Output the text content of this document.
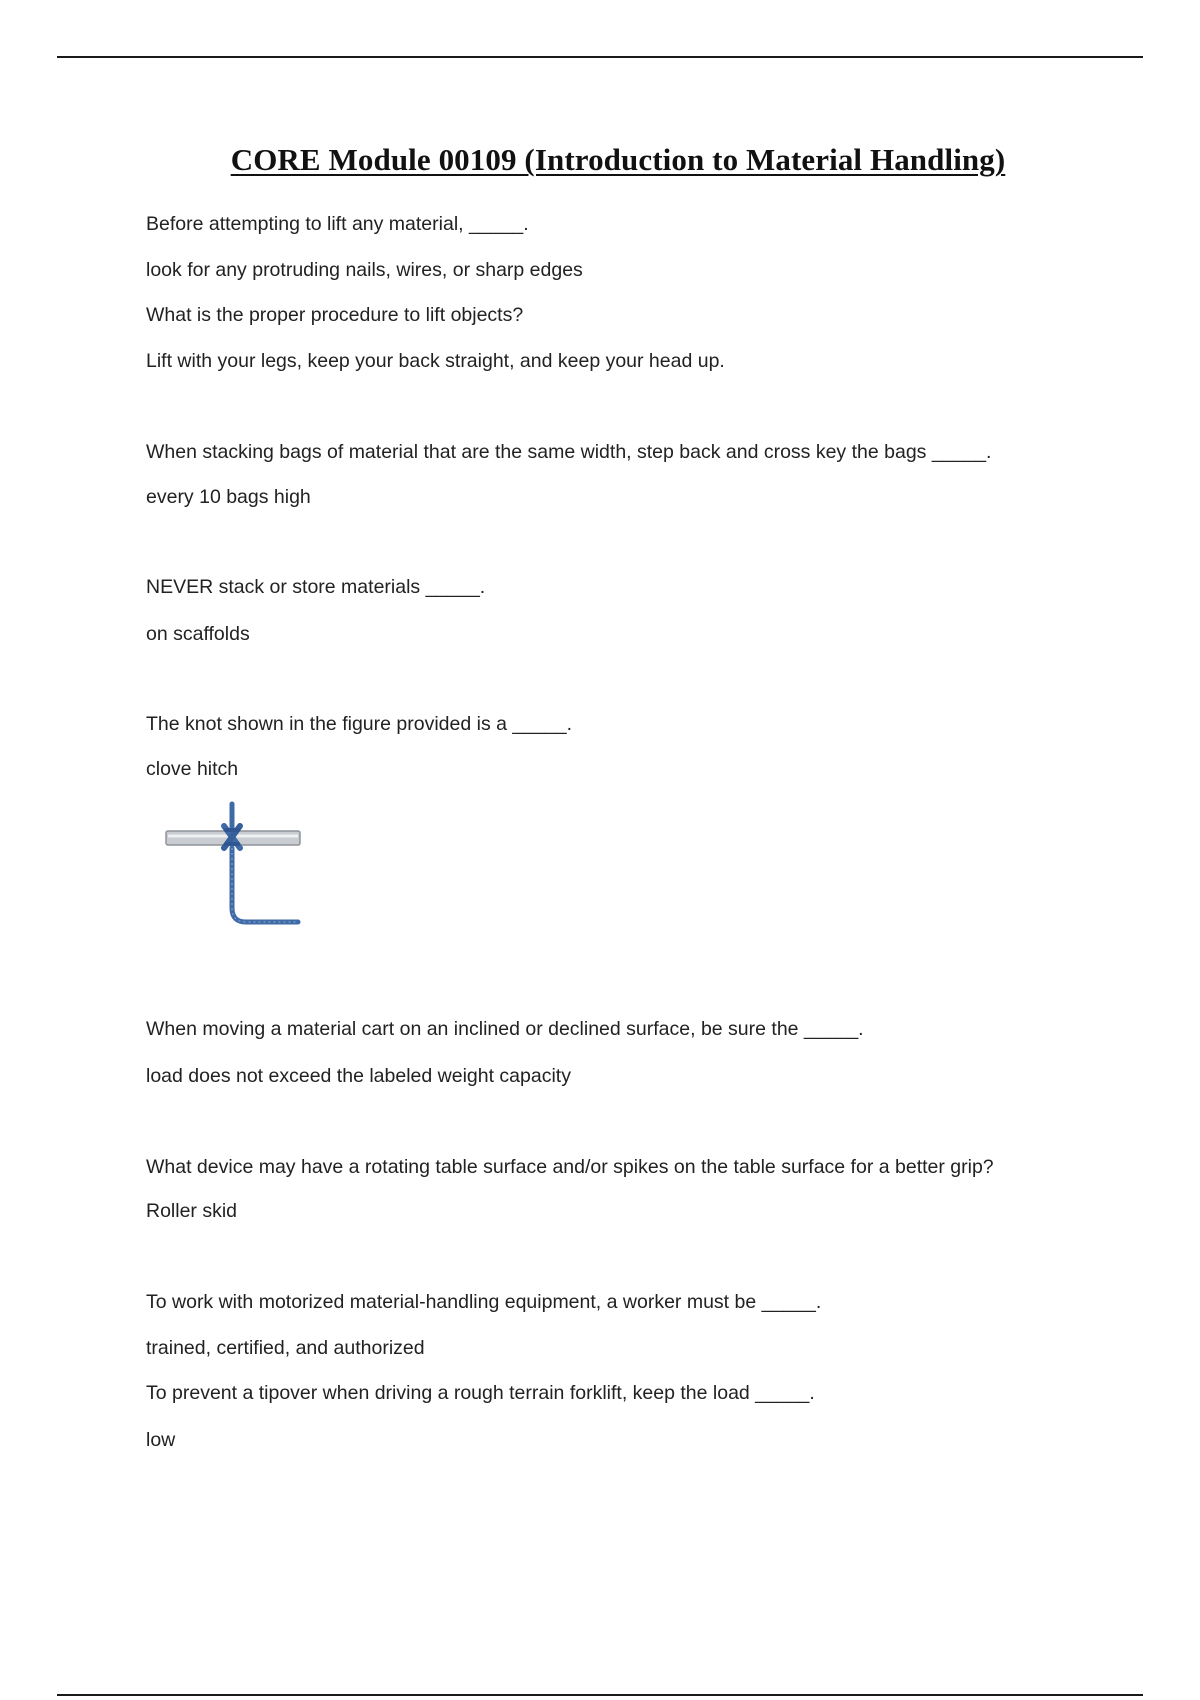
CORE Module 00109 (Introduction to Material Handling)
Before attempting to lift any material, _____.
look for any protruding nails, wires, or sharp edges
What is the proper procedure to lift objects?
Lift with your legs, keep your back straight, and keep your head up.
When stacking bags of material that are the same width, step back and cross key the bags _____.
every 10 bags high
NEVER stack or store materials _____.
on scaffolds
The knot shown in the figure provided is a _____.
clove hitch
When moving a material cart on an inclined or declined surface, be sure the _____.
load does not exceed the labeled weight capacity
What device may have a rotating table surface and/or spikes on the table surface for a better grip?
Roller skid
To work with motorized material-handling equipment, a worker must be _____.
trained, certified, and authorized
To prevent a tipover when driving a rough terrain forklift, keep the load _____.
low
